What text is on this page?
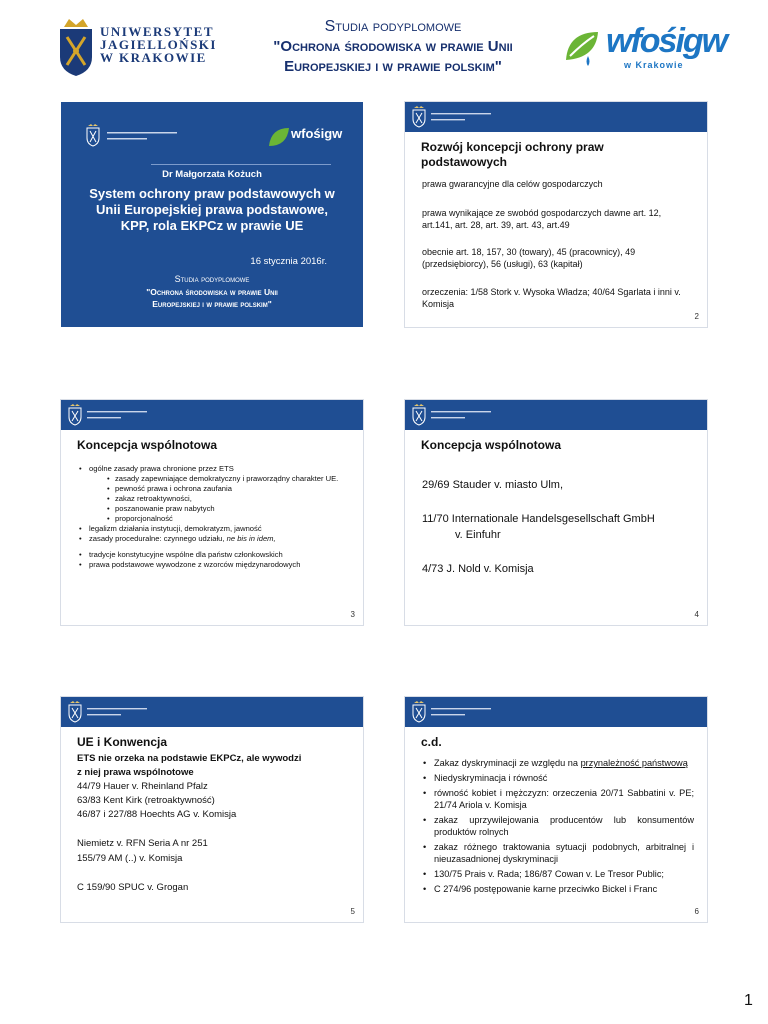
UNIWERSYTET
JAGIELLOŃSKI
W KRAKOWIE
Studia podyplomowe
"Ochrona środowiska w prawie Unii
Europejskiej i w prawie polskim"
wfośigw
w Krakowie
wfośigw
Dr Małgorzata Kożuch
System ochrony praw podstawowych w Unii Europejskiej prawa podstawowe, KPP, rola EKPCz w prawie UE
16 stycznia 2016r.
Studia podyplomowe
"Ochrona środowiska w prawie Unii
Europejskiej i w prawie polskim"
Rozwój koncepcji ochrony praw podstawowych
prawa gwarancyjne dla celów gospodarczych
prawa wynikające ze swobód gospodarczych dawne art. 12, art.141, art. 28, art. 39, art. 43, art.49
obecnie art. 18, 157, 30 (towary), 45 (pracownicy), 49 (przedsiębiorcy), 56 (usługi), 63 (kapitał)
orzeczenia: 1/58 Stork v. Wysoka Władza; 40/64 Sgarlata i inni v. Komisja
2
Koncepcja wspólnotowa
• ogólne zasady prawa chronione przez ETS
• zasady zapewniające demokratyczny i praworządny charakter UE.
• pewność prawa i ochrona zaufania
• zakaz retroaktywności,
• poszanowanie praw nabytych
• proporcjonalność
• legalizm działania instytucji, demokratyzm, jawność
• zasady proceduralne: czynnego udziału, ne bis in idem,
• tradycje konstytucyjne wspólne dla państw członkowskich
• prawa podstawowe wywodzone z wzorców międzynarodowych
3
Koncepcja wspólnotowa
29/69 Stauder v. miasto Ulm,
11/70 Internationale Handelsgesellschaft GmbH
v. Einfuhr
4/73 J. Nold v. Komisja
4
UE i Konwencja
ETS nie orzeka na podstawie EKPCz, ale wywodzi
z niej prawa wspólnotowe
44/79 Hauer v. Rheinland Pfalz
63/83 Kent Kirk (retroaktywność)
46/87 i 227/88 Hoechts AG v. Komisja
Niemietz v. RFN Seria A nr 251
155/79 AM (..) v. Komisja
C 159/90 SPUC v. Grogan
5
c.d.
• Zakaz dyskryminacji ze względu na przynależność państwową
• Niedyskryminacja i równość
• równość kobiet i mężczyzn: orzeczenia 20/71 Sabbatini v. PE; 21/74 Ariola v. Komisja
• zakaz uprzywilejowania producentów lub konsumentów produktów rolnych
• zakaz różnego traktowania sytuacji podobnych, arbitralnej i nieuzasadnionej dyskryminacji
• 130/75 Prais v. Rada; 186/87 Cowan v. Le Tresor Public;
• C 274/96 postępowanie karne przeciwko Bickel i Franc
6
1
